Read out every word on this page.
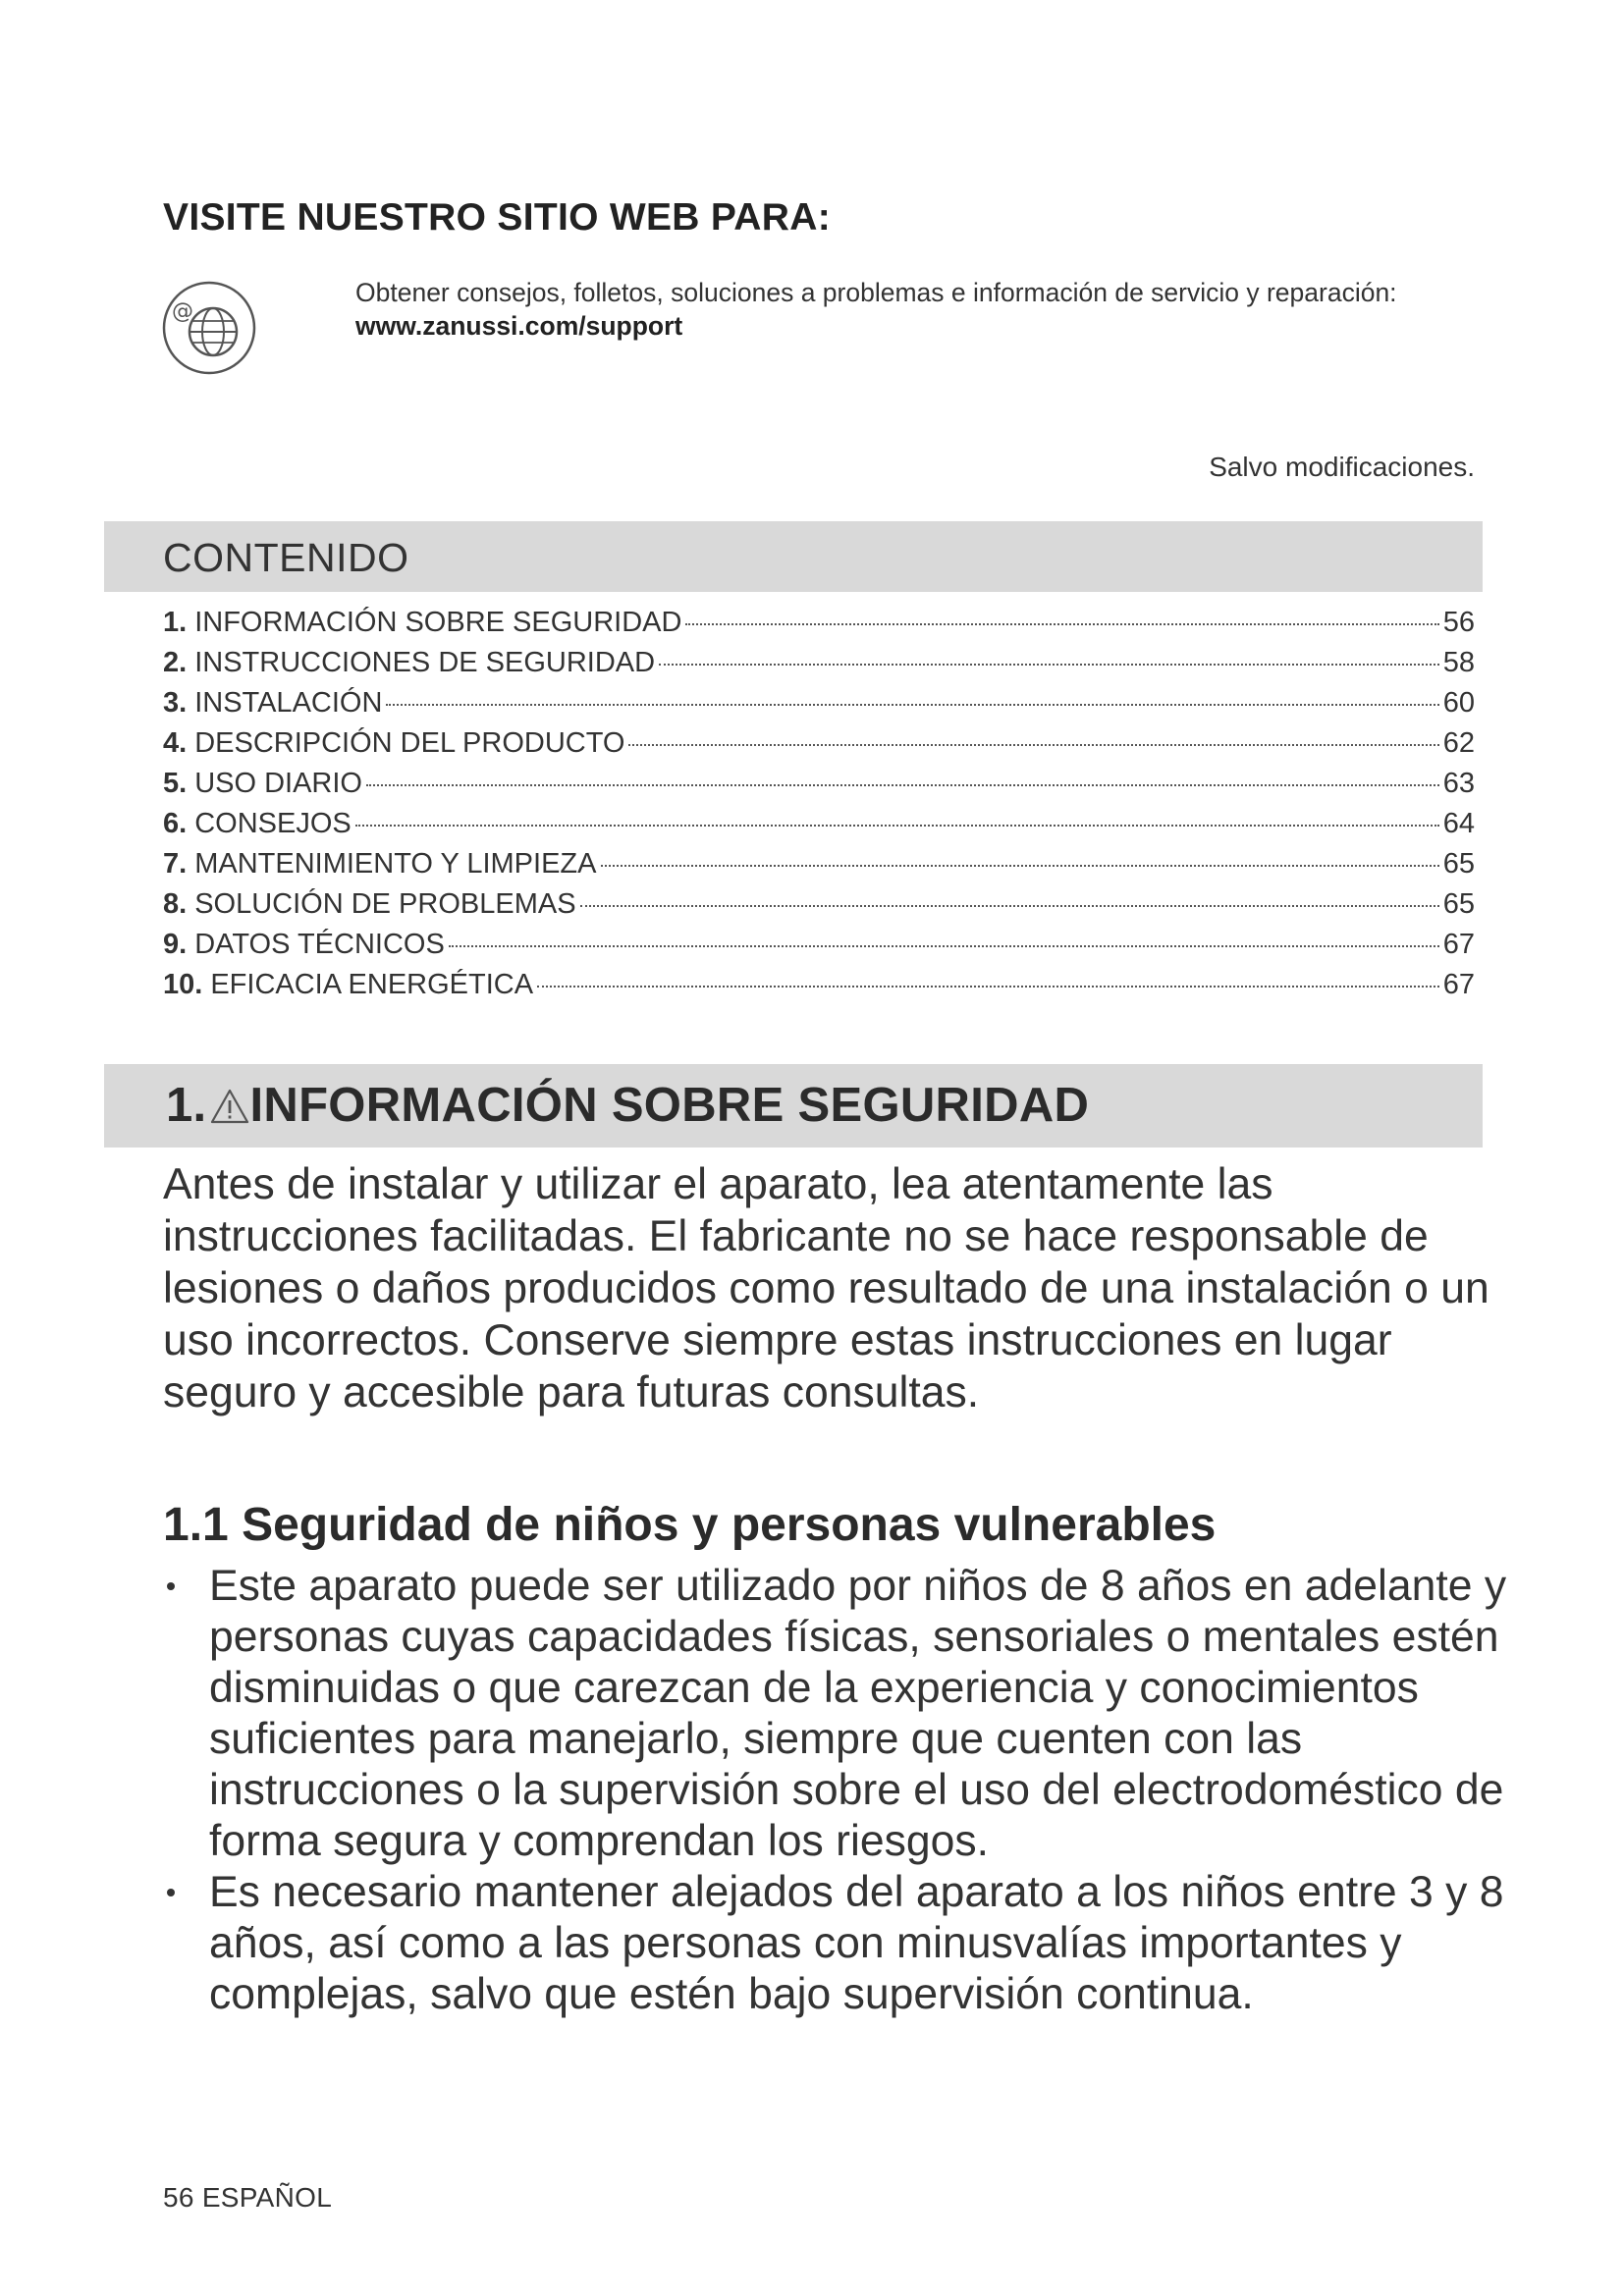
VISITE NUESTRO SITIO WEB PARA:
@

Obtener consejos, folletos, soluciones a problemas e información de servicio y reparación:

www.zanussi.com/support

Salvo modificaciones.
CONTENIDO
1. INFORMACIÓN SOBRE SEGURIDAD	56
2. INSTRUCCIONES DE SEGURIDAD	58
3. INSTALACIÓN	60
4. DESCRIPCIÓN DEL PRODUCTO	62
5. USO DIARIO	63
6. CONSEJOS	64
7. MANTENIMIENTO Y LIMPIEZA	65
8. SOLUCIÓN DE PROBLEMAS	65
9. DATOS TÉCNICOS	67
10. EFICACIA ENERGÉTICA	67
1. INFORMACIÓN SOBRE SEGURIDAD

Antes de instalar y utilizar el aparato, lea atentamente las instrucciones facilitadas. El fabricante no se hace responsable de lesiones o daños producidos como resultado de una instalación o un uso incorrectos. Conserve siempre estas instrucciones en lugar seguro y accesible para futuras consultas.

1.1 Seguridad de niños y personas vulnerables
Este aparato puede ser utilizado por niños de 8 años en adelante y personas cuyas capacidades físicas, sensoriales o mentales estén disminuidas o que carezcan de la experiencia y conocimientos suficientes para manejarlo, siempre que cuenten con las instrucciones o la supervisión sobre el uso del electrodoméstico de forma segura y comprendan los riesgos.
Es necesario mantener alejados del aparato a los niños entre 3 y 8 años, así como a las personas con minusvalías importantes y complejas, salvo que estén bajo supervisión continua.
56 ESPAÑOL
